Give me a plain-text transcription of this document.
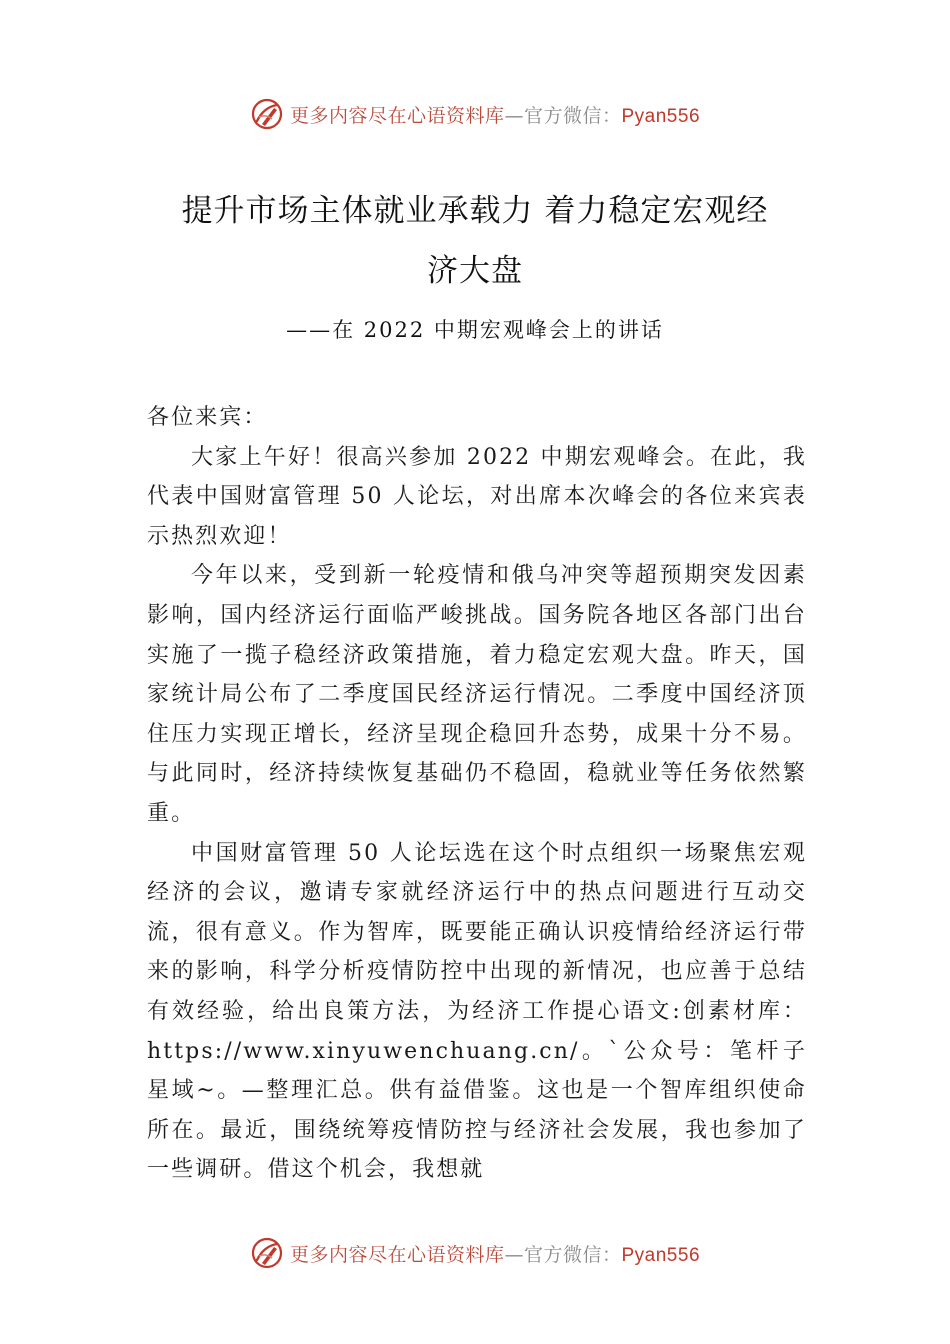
更多内容尽在心语资料库—官方微信：Pyan556
提升市场主体就业承载力 着力稳定宏观经
济大盘
——在 2022 中期宏观峰会上的讲话

各位来宾：

大家上午好！很高兴参加 2022 中期宏观峰会。在此，我代表中国财富管理 50 人论坛，对出席本次峰会的各位来宾表示热烈欢迎！

今年以来，受到新一轮疫情和俄乌冲突等超预期突发因素影响，国内经济运行面临严峻挑战。国务院各地区各部门出台实施了一揽子稳经济政策措施，着力稳定宏观大盘。昨天，国家统计局公布了二季度国民经济运行情况。二季度中国经济顶住压力实现正增长，经济呈现企稳回升态势，成果十分不易。与此同时，经济持续恢复基础仍不稳固，稳就业等任务依然繁重。

中国财富管理 50 人论坛选在这个时点组织一场聚焦宏观经济的会议，邀请专家就经济运行中的热点问题进行互动交流，很有意义。作为智库，既要能正确认识疫情给经济运行带来的影响，科学分析疫情防控中出现的新情况，也应善于总结有效经验，给出良策方法，为经济工作提心语文:创素材库：https://www.xinyuwenchuang.cn/。`公众号：笔杆子星域~。—整理汇总。供有益借鉴。这也是一个智库组织使命所在。最近，围绕统筹疫情防控与经济社会发展，我也参加了一些调研。借这个机会，我想就

更多内容尽在心语资料库—官方微信：Pyan556
